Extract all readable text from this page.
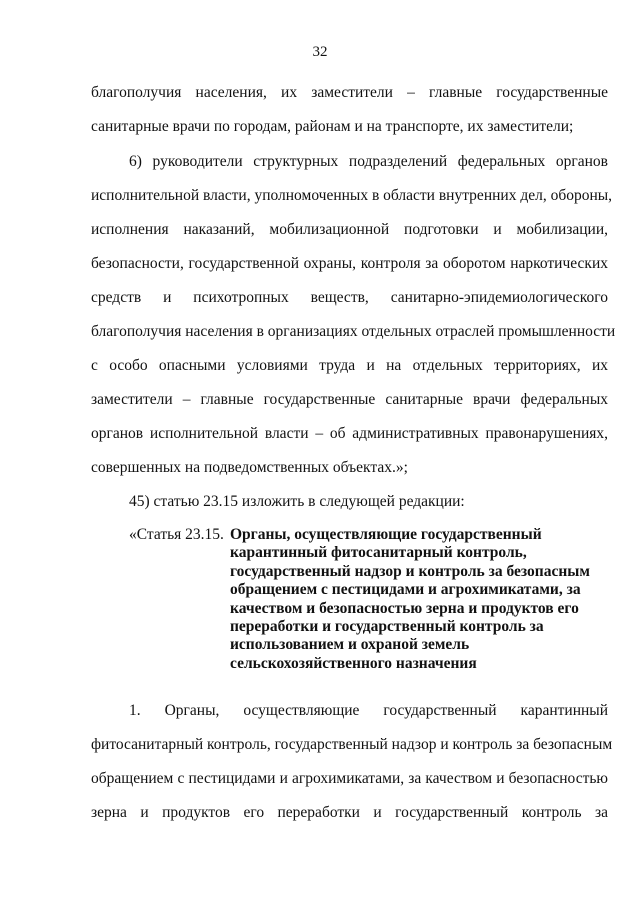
32
благополучия населения, их заместители – главные государственные
санитарные врачи по городам, районам и на транспорте, их заместители;
6) руководители структурных подразделений федеральных органов
исполнительной власти, уполномоченных в области внутренних дел, обороны,
исполнения наказаний, мобилизационной подготовки и мобилизации,
безопасности, государственной охраны, контроля за оборотом наркотических
средств и психотропных веществ, санитарно-эпидемиологического
благополучия населения в организациях отдельных отраслей промышленности
с особо опасными условиями труда и на отдельных территориях, их
заместители – главные государственные санитарные врачи федеральных
органов исполнительной власти – об административных правонарушениях,
совершенных на подведомственных объектах.»;
45) статью 23.15 изложить в следующей редакции:
«Статья 23.15. Органы, осуществляющие государственный
карантинный фитосанитарный контроль,
государственный надзор и контроль за безопасным
обращением с пестицидами и агрохимикатами, за
качеством и безопасностью зерна и продуктов его
переработки и государственный контроль за
использованием и охраной земель
сельскохозяйственного назначения
1. Органы, осуществляющие государственный карантинный
фитосанитарный контроль, государственный надзор и контроль за безопасным
обращением с пестицидами и агрохимикатами, за качеством и безопасностью
зерна и продуктов его переработки и государственный контроль за
